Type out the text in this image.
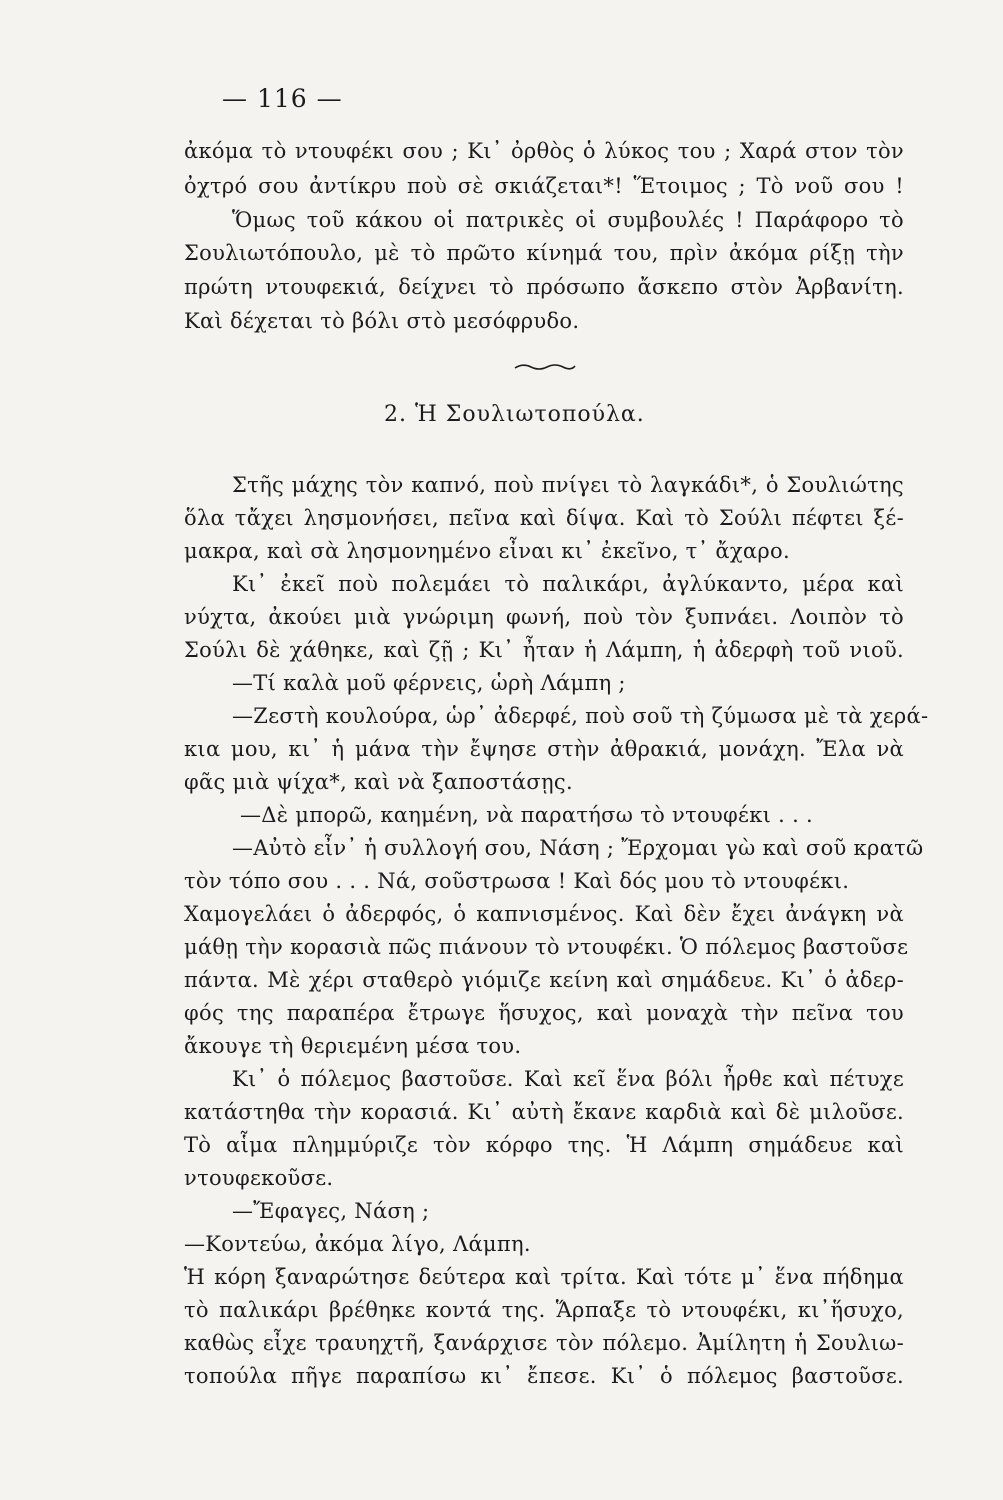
— 116 —
ἀκόμα τὸ ντουφέκι σου ; Κι᾽ ὀρθὸς ὁ λύκος του ; Χαρά στον τὸν
ὀχτρό σου ἀντίκρυ ποὺ σὲ σκιάζεται*! Ἕτοιμος ; Τὸ νοῦ σου !
Ὅμως τοῦ κάκου οἱ πατρικὲς οἱ συμβουλές ! Παράφορο τὸ
Σουλιωτόπουλο, μὲ τὸ πρῶτο κίνημά του, πρὶν ἀκόμα ρίξῃ τὴν
πρώτη ντουφεκιά, δείχνει τὸ πρόσωπο ἄσκεπο στὸν Ἀρβανίτη.
Καὶ δέχεται τὸ βόλι στὸ μεσόφρυδο.
2. Ἡ Σουλιωτοπούλα.
Στῆς μάχης τὸν καπνό, ποὺ πνίγει τὸ λαγκάδι*, ὁ Σουλιώτης
ὅλα τἄχει λησμονήσει, πεῖνα καὶ δίψα. Καὶ τὸ Σούλι πέφτει ξέ-
μακρα, καὶ σὰ λησμονημένο εἶναι κι᾽ ἐκεῖνο, τ᾽ ἄχαρο.
Κι᾽ ἐκεῖ ποὺ πολεμάει τὸ παλικάρι, ἀγλύκαντο, μέρα καὶ
νύχτα, ἀκούει μιὰ γνώριμη φωνή, ποὺ τὸν ξυπνάει. Λοιπὸν τὸ
Σούλι δὲ χάθηκε, καὶ ζῇ ; Κι᾽ ἦταν ἡ Λάμπη, ἡ ἀδερφὴ τοῦ νιοῦ.
—Τί καλὰ μοῦ φέρνεις, ὡρὴ Λάμπη ;
—Ζεστὴ κουλούρα, ὡρ᾽ ἀδερφέ, ποὺ σοῦ τὴ ζύμωσα μὲ τὰ χερά-
κια μου, κι᾽ ἡ μάνα τὴν ἔψησε στὴν ἀθρακιά, μονάχη. Ἔλα νὰ
φᾶς μιὰ ψίχα*, καὶ νὰ ξαποστάσῃς.
—Δὲ μπορῶ, καημένη, νὰ παρατήσω τὸ ντουφέκι . . .
—Αὐτὸ εἶν᾽ ἡ συλλογή σου, Νάση ; Ἔρχομαι γὼ καὶ σοῦ κρατῶ
τὸν τόπο σου . . . Νά, σοῦστρωσα ! Καὶ δός μου τὸ ντουφέκι.
Χαμογελάει ὁ ἀδερφός, ὁ καπνισμένος. Καὶ δὲν ἔχει ἀνάγκη νὰ
μάθῃ τὴν κορασιὰ πῶς πιάνουν τὸ ντουφέκι. Ὁ πόλεμος βαστοῦσε
πάντα. Μὲ χέρι σταθερὸ γιόμιζε κείνη καὶ σημάδευε. Κι᾽ ὁ ἀδερ-
φός της παραπέρα ἔτρωγε ἥσυχος, καὶ μοναχὰ τὴν πεῖνα του
ἄκουγε τὴ θεριεμένη μέσα του.
Κι᾽ ὁ πόλεμος βαστοῦσε. Καὶ κεῖ ἕνα βόλι ἦρθε καὶ πέτυχε
κατάστηθα τὴν κορασιά. Κι᾽ αὐτὴ ἔκανε καρδιὰ καὶ δὲ μιλοῦσε.
Τὸ αἷμα πλημμύριζε τὸν κόρφο της. Ἡ Λάμπη σημάδευε καὶ
ντουφεκοῦσε.
—Ἔφαγες, Νάση ;
—Κοντεύω, ἀκόμα λίγο, Λάμπη.
Ἡ κόρη ξαναρώτησε δεύτερα καὶ τρίτα. Καὶ τότε μ᾽ ἕνα πήδημα
τὸ παλικάρι βρέθηκε κοντά της. Ἅρπαξε τὸ ντουφέκι, κι᾽ἥσυχο,
καθὼς εἶχε τραυηχτῆ, ξανάρχισε τὸν πόλεμο. Ἀμίλητη ἡ Σουλιω-
τοπούλα πῆγε παραπίσω κι᾽ ἔπεσε. Κι᾽ ὁ πόλεμος βαστοῦσε.
